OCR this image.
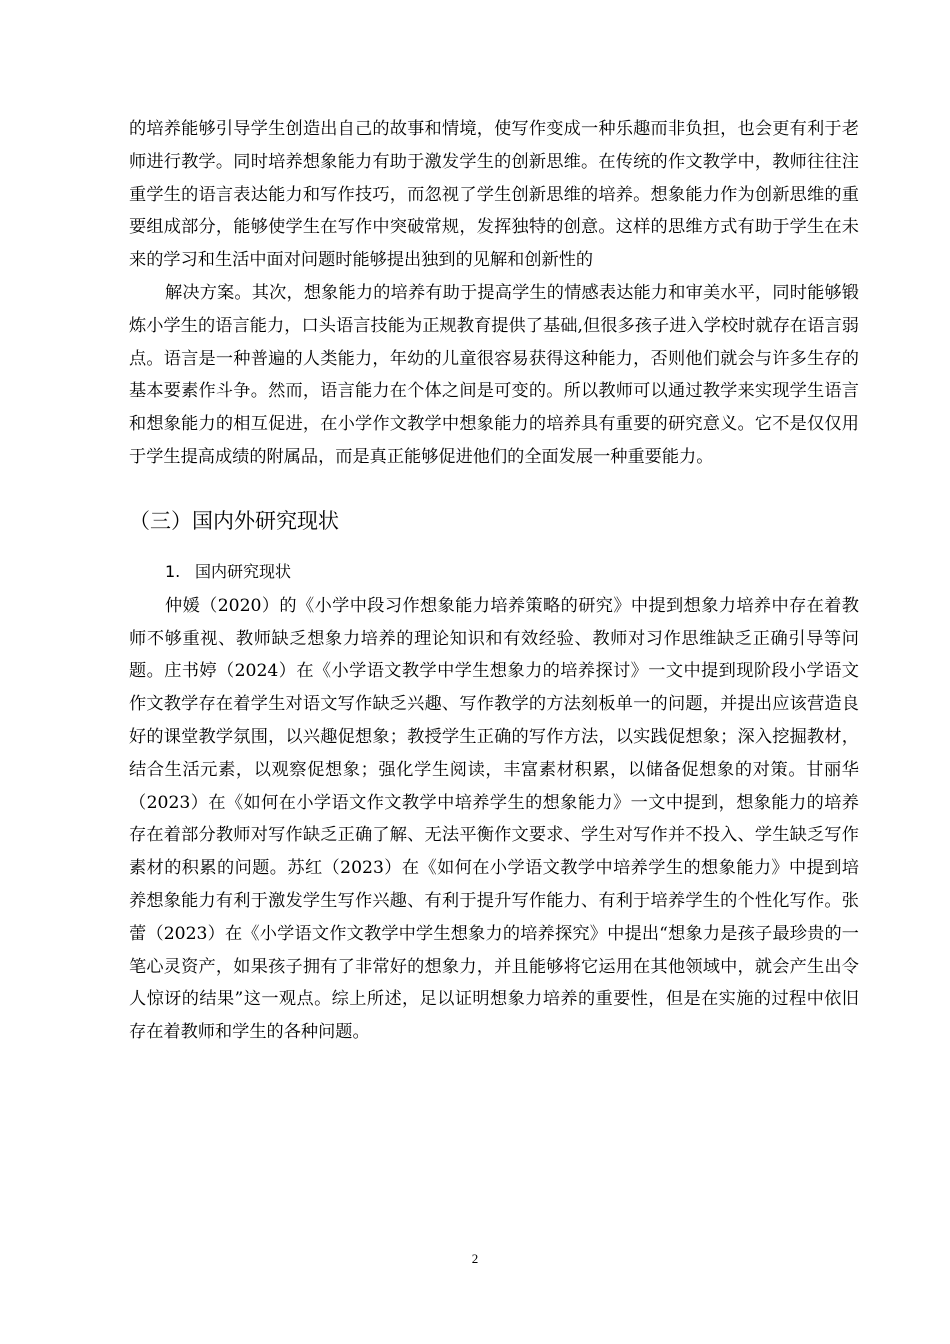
的培养能够引导学生创造出自己的故事和情境，使写作变成一种乐趣而非负担，也会更有利于老师进行教学。同时培养想象能力有助于激发学生的创新思维。在传统的作文教学中，教师往往注重学生的语言表达能力和写作技巧，而忽视了学生创新思维的培养。想象能力作为创新思维的重要组成部分，能够使学生在写作中突破常规，发挥独特的创意。这样的思维方式有助于学生在未来的学习和生活中面对问题时能够提出独到的见解和创新性的

解决方案。其次，想象能力的培养有助于提高学生的情感表达能力和审美水平，同时能够锻炼小学生的语言能力，口头语言技能为正规教育提供了基础,但很多孩子进入学校时就存在语言弱点。语言是一种普遍的人类能力，年幼的儿童很容易获得这种能力，否则他们就会与许多生存的基本要素作斗争。然而，语言能力在个体之间是可变的。所以教师可以通过教学来实现学生语言和想象能力的相互促进，在小学作文教学中想象能力的培养具有重要的研究意义。它不是仅仅用于学生提高成绩的附属品，而是真正能够促进他们的全面发展一种重要能力。

（三）国内外研究现状
1. 国内研究现状

仲媛（2020）的《小学中段习作想象能力培养策略的研究》中提到想象力培养中存在着教师不够重视、教师缺乏想象力培养的理论知识和有效经验、教师对习作思维缺乏正确引导等问题。庄书婷（2024）在《小学语文教学中学生想象力的培养探讨》一文中提到现阶段小学语文作文教学存在着学生对语文写作缺乏兴趣、写作教学的方法刻板单一的问题，并提出应该营造良好的课堂教学氛围，以兴趣促想象；教授学生正确的写作方法，以实践促想象；深入挖掘教材，结合生活元素，以观察促想象；强化学生阅读，丰富素材积累，以储备促想象的对策。甘丽华（2023）在《如何在小学语文作文教学中培养学生的想象能力》一文中提到，想象能力的培养存在着部分教师对写作缺乏正确了解、无法平衡作文要求、学生对写作并不投入、学生缺乏写作素材的积累的问题。苏红（2023）在《如何在小学语文教学中培养学生的想象能力》中提到培养想象能力有利于激发学生写作兴趣、有利于提升写作能力、有利于培养学生的个性化写作。张蕾（2023）在《小学语文作文教学中学生想象力的培养探究》中提出“想象力是孩子最珍贵的一笔心灵资产，如果孩子拥有了非常好的想象力，并且能够将它运用在其他领域中，就会产生出令人惊讶的结果”这一观点。综上所述，足以证明想象力培养的重要性，但是在实施的过程中依旧存在着教师和学生的各种问题。

2
